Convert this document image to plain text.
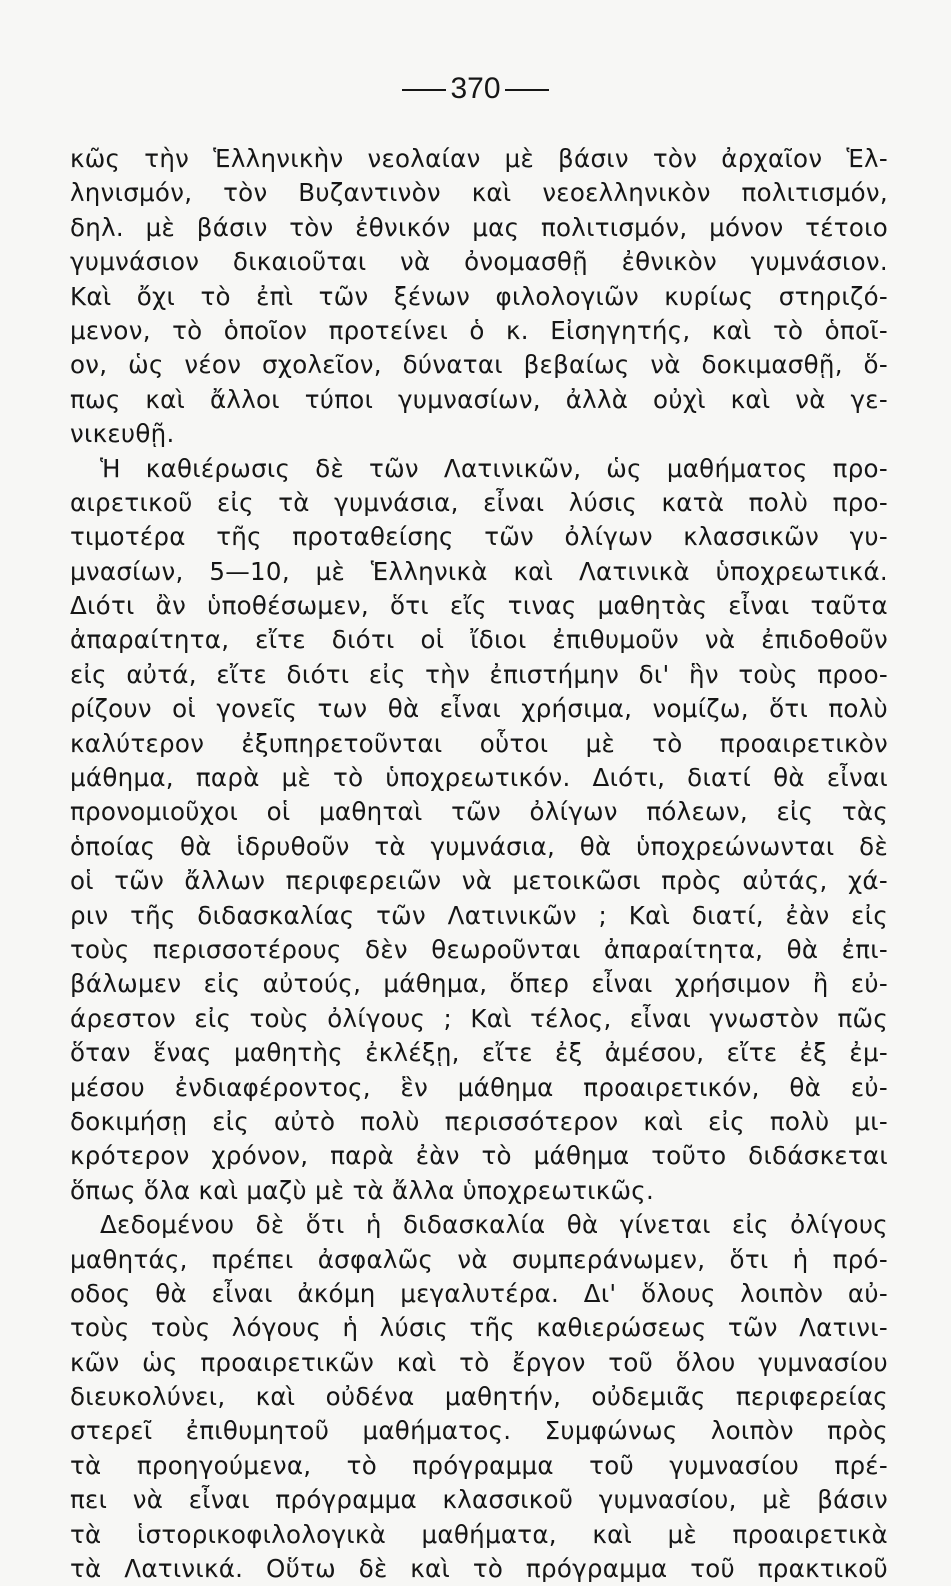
370
κῶς τὴν Ἑλληνικὴν νεολαίαν μὲ βάσιν τὸν ἀρχαῖον Ἑλ-
ληνισμόν, τὸν Βυζαντινὸν καὶ νεοελληνικὸν πολιτισμόν,
δηλ. μὲ βάσιν τὸν ἐθνικόν μας πολιτισμόν, μόνον τέτοιο
γυμνάσιον δικαιοῦται νὰ ὀνομασθῇ ἐθνικὸν γυμνάσιον.
Καὶ ὄχι τὸ ἐπὶ τῶν ξένων φιλολογιῶν κυρίως στηριζό-
μενον, τὸ ὁποῖον προτείνει ὁ κ. Εἰσηγητής, καὶ τὸ ὁποῖ-
ον, ὡς νέον σχολεῖον, δύναται βεβαίως νὰ δοκιμασθῇ, ὅ-
πως καὶ ἄλλοι τύποι γυμνασίων, ἀλλὰ οὐχὶ καὶ νὰ γε-
νικευθῇ.
Ἡ καθιέρωσις δὲ τῶν Λατινικῶν, ὡς μαθήματος προ-
αιρετικοῦ εἰς τὰ γυμνάσια, εἶναι λύσις κατὰ πολὺ προ-
τιμοτέρα τῆς προταθείσης τῶν ὀλίγων κλασσικῶν γυ-
μνασίων, 5—10, μὲ Ἑλληνικὰ καὶ Λατινικὰ ὑποχρεωτικά.
Διότι ἂν ὑποθέσωμεν, ὅτι εἴς τινας μαθητὰς εἶναι ταῦτα
ἀπαραίτητα, εἴτε διότι οἱ ἴδιοι ἐπιθυμοῦν νὰ ἐπιδοθοῦν
εἰς αὐτά, εἴτε διότι εἰς τὴν ἐπιστήμην δι' ἣν τοὺς προο-
ρίζουν οἱ γονεῖς των θὰ εἶναι χρήσιμα, νομίζω, ὅτι πολὺ
καλύτερον ἐξυπηρετοῦνται οὗτοι μὲ τὸ προαιρετικὸν
μάθημα, παρὰ μὲ τὸ ὑποχρεωτικόν. Διότι, διατί θὰ εἶναι
προνομιοῦχοι οἱ μαθηταὶ τῶν ὀλίγων πόλεων, εἰς τὰς
ὁποίας θὰ ἱδρυθοῦν τὰ γυμνάσια, θὰ ὑποχρεώνωνται δὲ
οἱ τῶν ἄλλων περιφερειῶν νὰ μετοικῶσι πρὸς αὐτάς, χά-
ριν τῆς διδασκαλίας τῶν Λατινικῶν ; Καὶ διατί, ἐὰν εἰς
τοὺς περισσοτέρους δὲν θεωροῦνται ἀπαραίτητα, θὰ ἐπι-
βάλωμεν εἰς αὐτούς, μάθημα, ὅπερ εἶναι χρήσιμον ἢ εὐ-
άρεστον εἰς τοὺς ὀλίγους ; Καὶ τέλος, εἶναι γνωστὸν πῶς
ὅταν ἕνας μαθητὴς ἐκλέξῃ, εἴτε ἐξ ἀμέσου, εἴτε ἐξ ἐμ-
μέσου ἐνδιαφέροντος, ἓν μάθημα προαιρετικόν, θὰ εὐ-
δοκιμήσῃ εἰς αὐτὸ πολὺ περισσότερον καὶ εἰς πολὺ μι-
κρότερον χρόνον, παρὰ ἐὰν τὸ μάθημα τοῦτο διδάσκεται
ὅπως ὅλα καὶ μαζὺ μὲ τὰ ἄλλα ὑποχρεωτικῶς.
Δεδομένου δὲ ὅτι ἡ διδασκαλία θὰ γίνεται εἰς ὀλίγους
μαθητάς, πρέπει ἀσφαλῶς νὰ συμπεράνωμεν, ὅτι ἡ πρό-
οδος θὰ εἶναι ἀκόμη μεγαλυτέρα. Δι' ὅλους λοιπὸν αὐ-
τοὺς τοὺς λόγους ἡ λύσις τῆς καθιερώσεως τῶν Λατινι-
κῶν ὡς προαιρετικῶν καὶ τὸ ἔργον τοῦ ὅλου γυμνασίου
διευκολύνει, καὶ οὐδένα μαθητήν, οὐδεμιᾶς περιφερείας
στερεῖ ἐπιθυμητοῦ μαθήματος. Συμφώνως λοιπὸν πρὸς
τὰ προηγούμενα, τὸ πρόγραμμα τοῦ γυμνασίου πρέ-
πει νὰ εἶναι πρόγραμμα κλασσικοῦ γυμνασίου, μὲ βάσιν
τὰ ἱστορικοφιλολογικὰ μαθήματα, καὶ μὲ προαιρετικὰ
τὰ Λατινικά. Οὕτω δὲ καὶ τὸ πρόγραμμα τοῦ πρακτικοῦ
